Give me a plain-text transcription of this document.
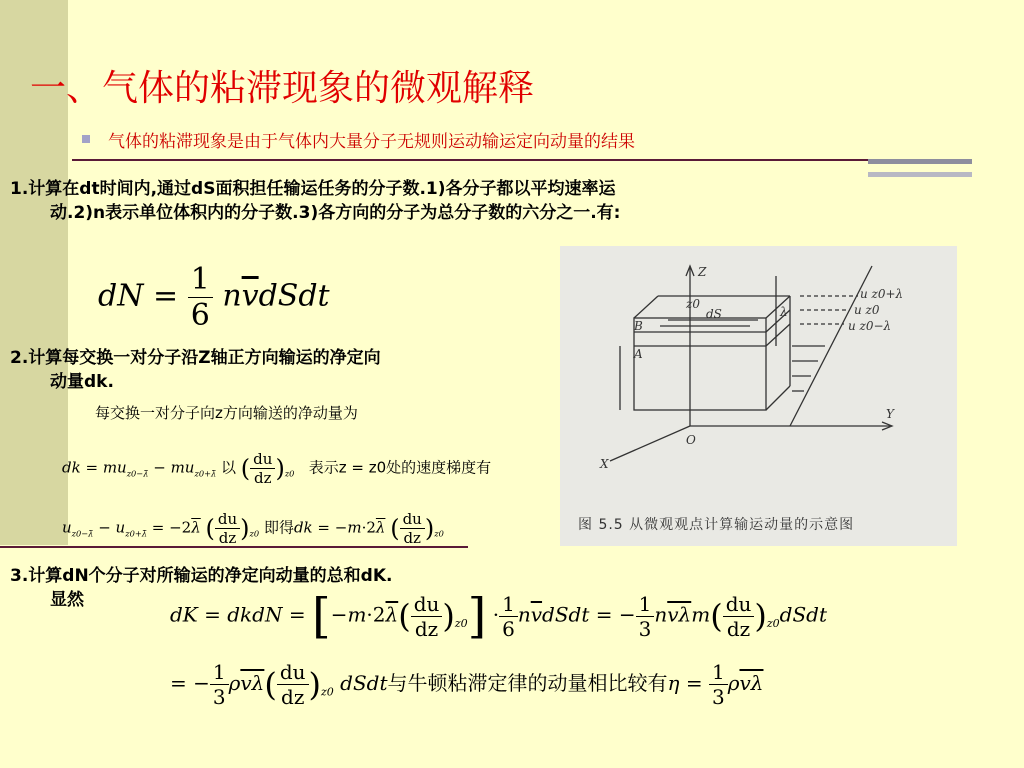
一、气体的粘滞现象的微观解释
气体的粘滞现象是由于气体内大量分子无规则运动输运定向动量的结果
1.计算在dt时间内,通过dS面积担任输运任务的分子数.1)各分子都以平均速率运
动.2)n表示单位体积内的分子数.3)各方向的分子为总分子数的六分之一.有:
dN = $\frac{1}{6}$ $n\overline{v}dSdt$
2.计算每交换一对分子沿Z轴正方向输运的净定向
动量dk.
每交换一对分子向z方向输送的净动量为
dk = $mu_{z0-\lambdā} - mu_{z0+\lambdā}$ 以 ( $\frac{du}{dz} )_{z0}$ 表示z = z0处的速度梯度有
$u_{z0-\lambdā} - u_{z0+\lambdā} = -2\overline{\lambda}$ ( $\frac{du}{dz} )_{z0}$ 即得dk = $-m\cdot 2\overline{\lambda}$ ( $\frac{du}{dz} )_{z0}$
Z
Y
X
O
B
A
z0
dS	λ
u z0+λ
u z0
u z0−λ
图 5.5 从微观观点计算输运动量的示意图
3.计算dN个分子对所输运的净定向动量的总和dK.
显然
dK = dkdN = $[-m\cdot 2\overline{\lambda}( \frac{du}{dz} )_{z0}] \cdot \frac{1}{6}$ $n\overline{v}dSdt$ = − $\frac{1}{3} n\overline{v\lambda}m( \frac{du}{dz}$ )$_{z0}dSdt$
= − $\frac{1}{3} \rho\overline{v\lambda}( \frac{du}{dz} )_{z0}$ dSdt与牛顿粘滞定律的动量相比较有$\eta = \frac{1}{3} \rho\overline{v\lambda}$
